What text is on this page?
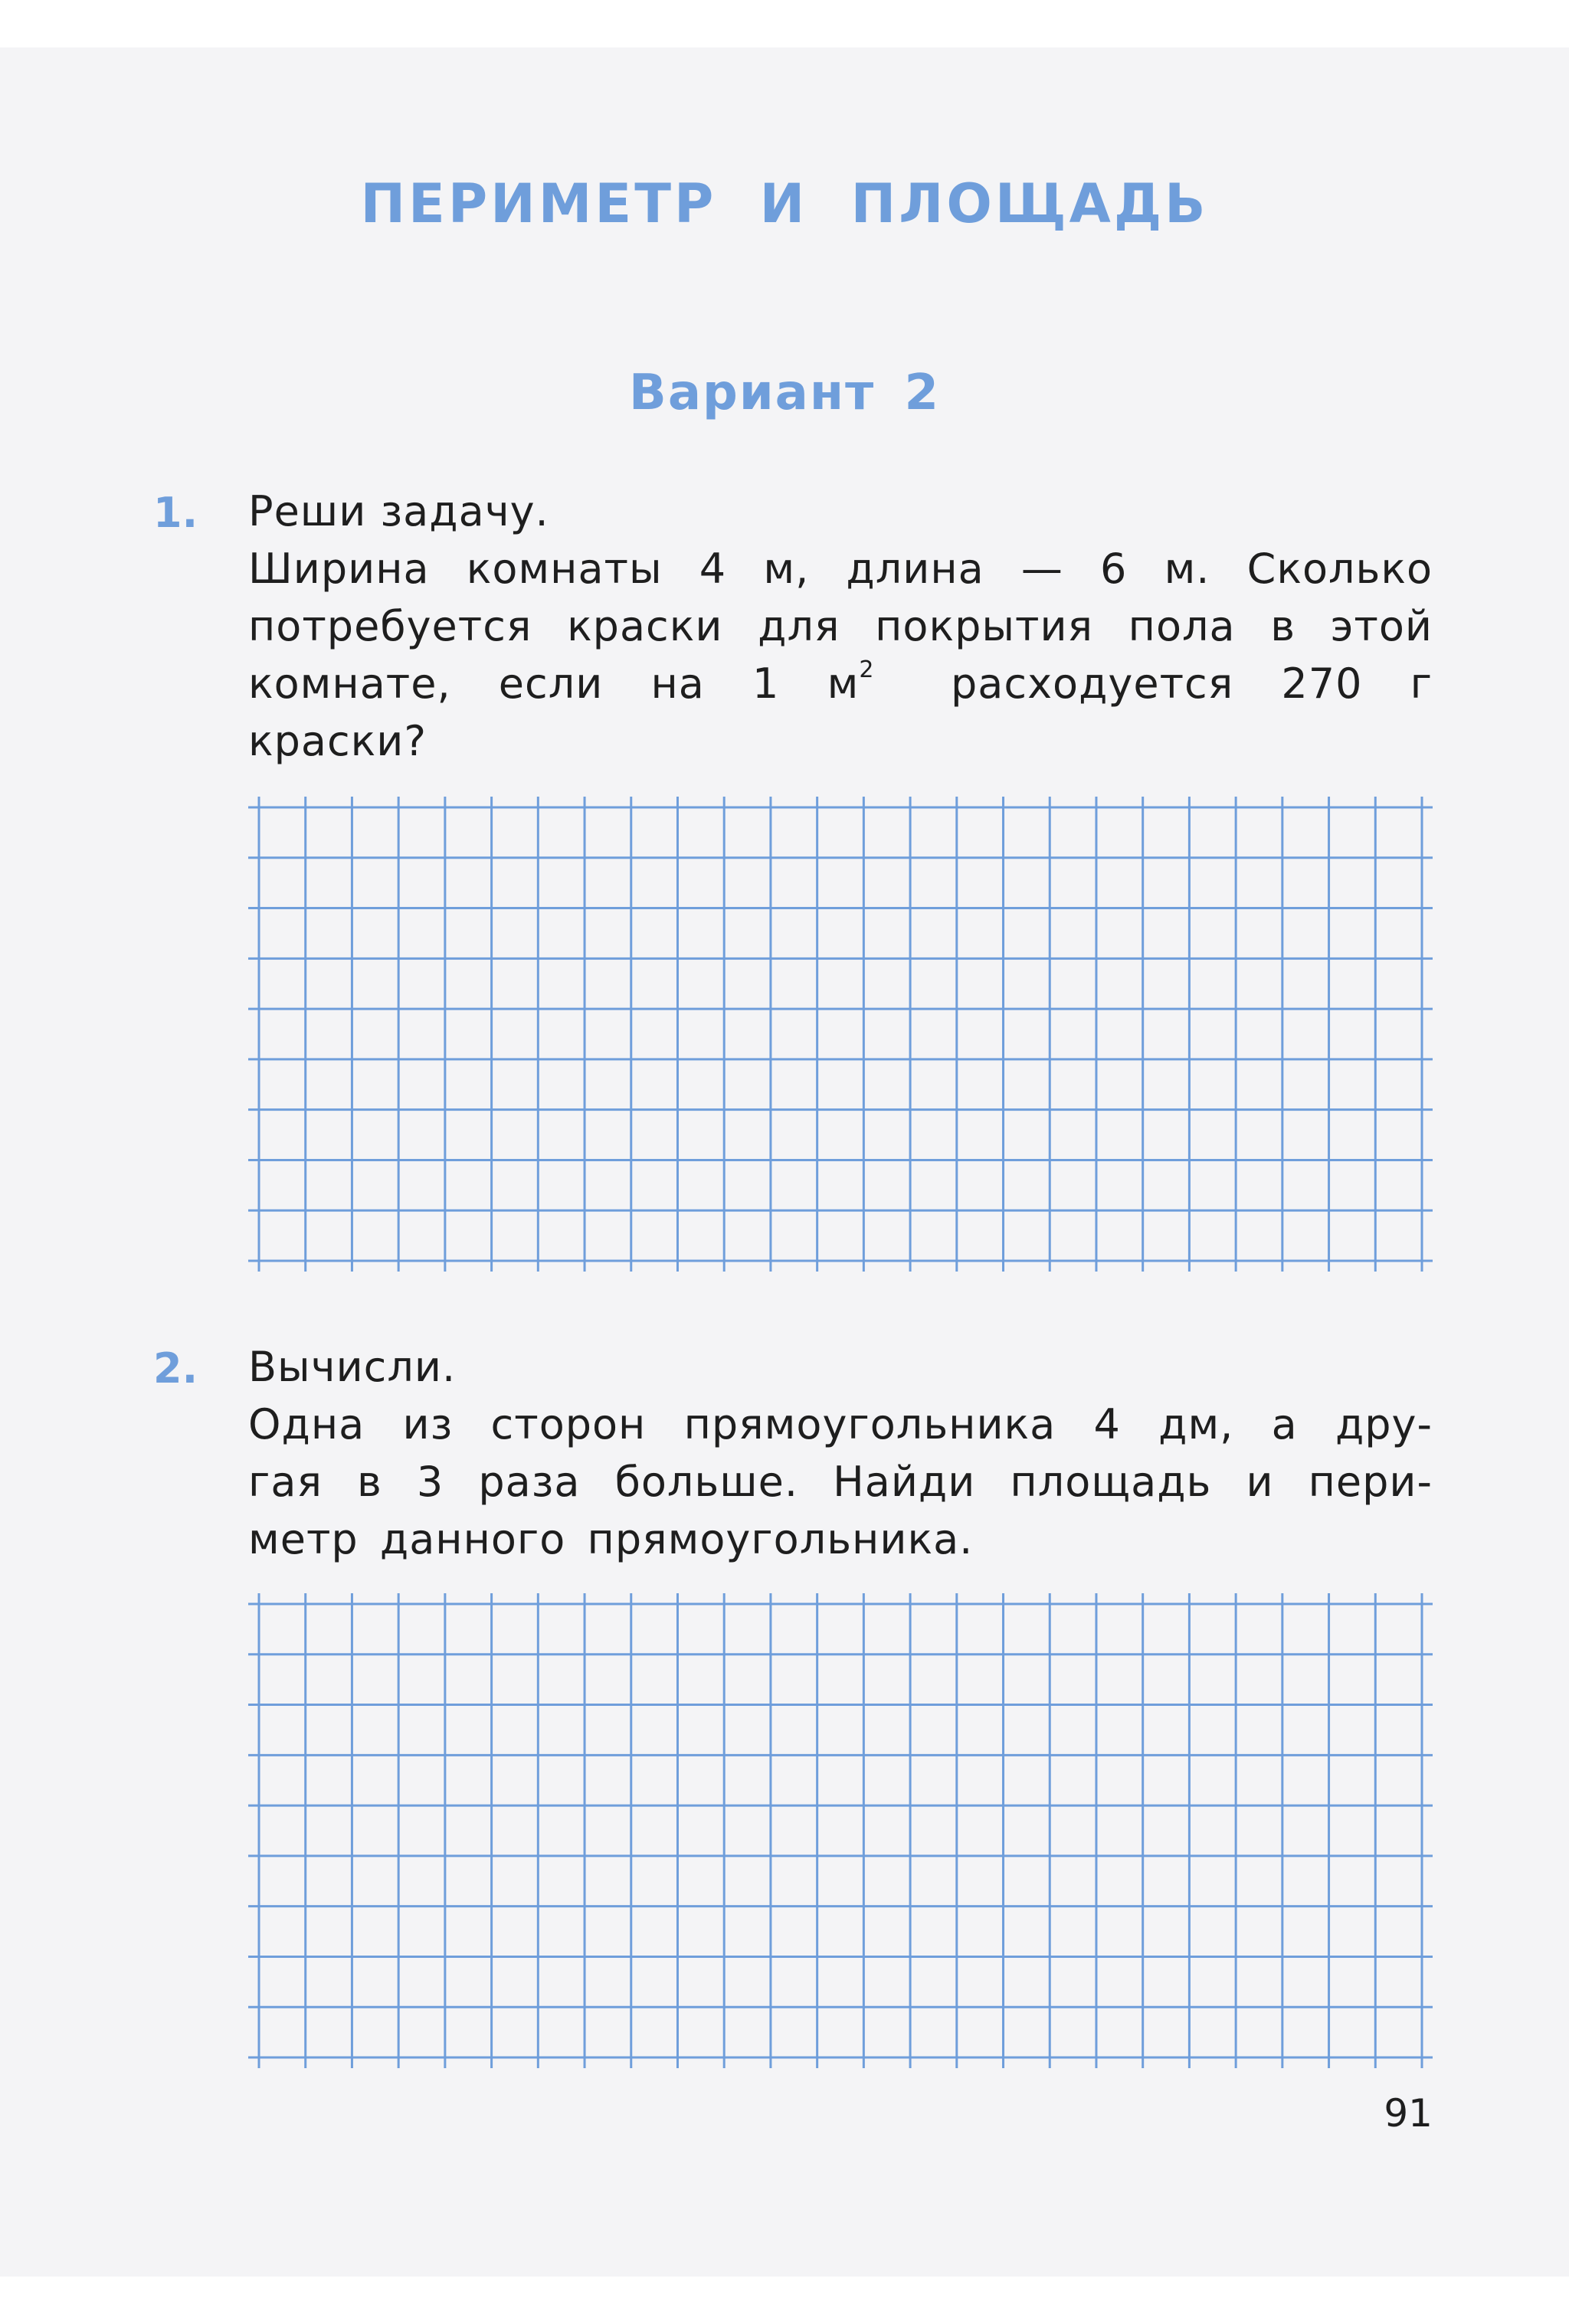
ПЕРИМЕТР И ПЛОЩАДЬ
Вариант 2
1. Реши задачу.
Ширина комнаты 4 м, длина — 6 м. Сколько
потребуется краски для покрытия пола в этой
комнате, если на 1 $м^2$ расходуется 270 г
краски?
2. Вычисли.
Одна из сторон прямоугольника 4 дм, а дру-
гая в 3 раза больше. Найди площадь и пери-
метр данного прямоугольника.
91
